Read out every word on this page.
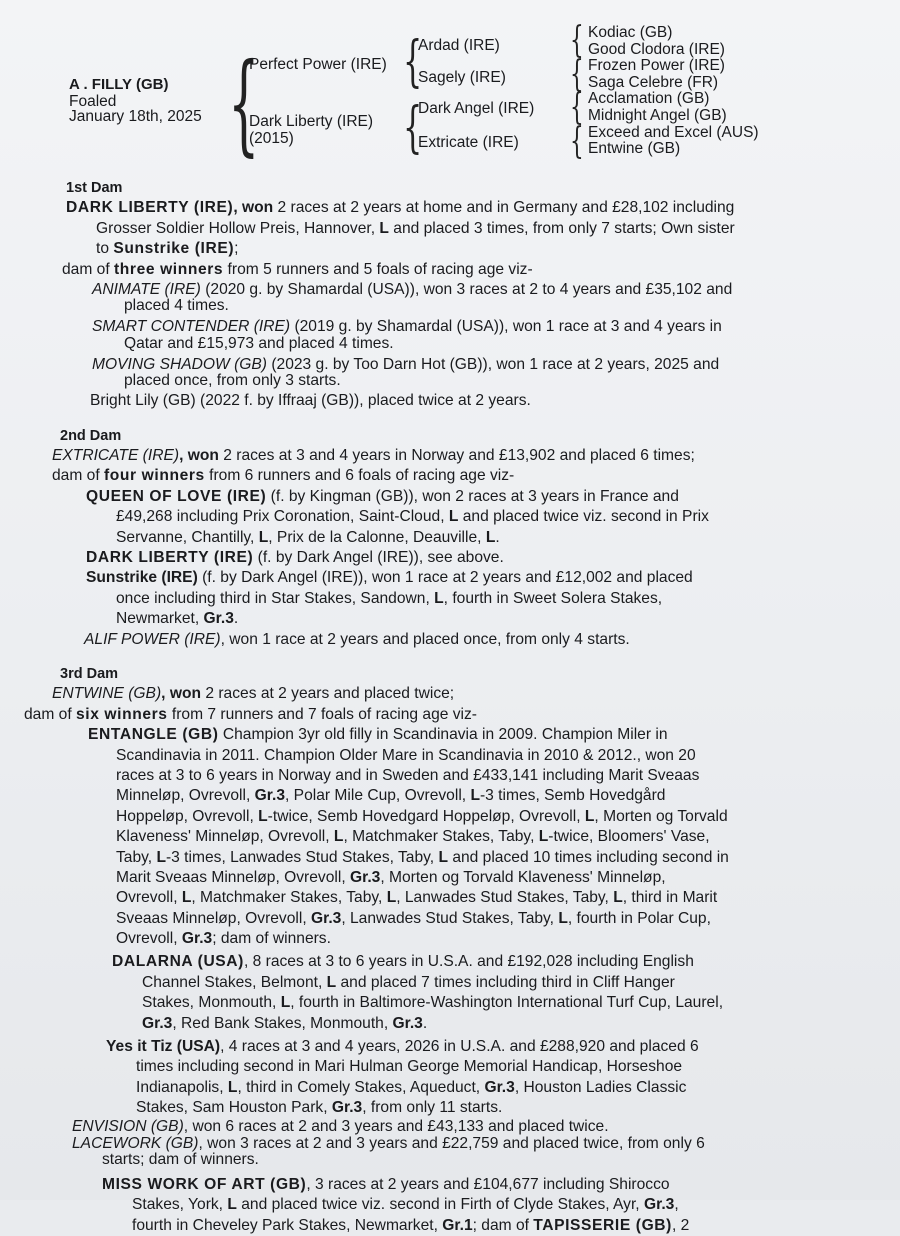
A . FILLY (GB)
Foaled
January 18th, 2025 {
Perfect Power (IRE)
Dark Liberty (IRE)
(2015)
{
{
Ardad (IRE)
Sagely (IRE)
Dark Angel (IRE)
Extricate (IRE)
{
{
{
{
Kodiac (GB)
Good Clodora (IRE)
Frozen Power (IRE)
Saga Celebre (FR)
Acclamation (GB)
Midnight Angel (GB)
Exceed and Excel (AUS)
Entwine (GB)
1st Dam
DARK LIBERTY (IRE), won 2 races at 2 years at home and in Germany and £28,102 including
Grosser Soldier Hollow Preis, Hannover, L and placed 3 times, from only 7 starts; Own sister
to Sunstrike (IRE);
dam of three winners from 5 runners and 5 foals of racing age viz-
ANIMATE (IRE) (2020 g. by Shamardal (USA)), won 3 races at 2 to 4 years and £35,102 and
placed 4 times.
SMART CONTENDER (IRE) (2019 g. by Shamardal (USA)), won 1 race at 3 and 4 years in
Qatar and £15,973 and placed 4 times.
MOVING SHADOW (GB) (2023 g. by Too Darn Hot (GB)), won 1 race at 2 years, 2025 and
placed once, from only 3 starts.
Bright Lily (GB) (2022 f. by Iffraaj (GB)), placed twice at 2 years.
2nd Dam
EXTRICATE (IRE), won 2 races at 3 and 4 years in Norway and £13,902 and placed 6 times;
dam of four winners from 6 runners and 6 foals of racing age viz-
QUEEN OF LOVE (IRE) (f. by Kingman (GB)), won 2 races at 3 years in France and
£49,268 including Prix Coronation, Saint-Cloud, L and placed twice viz. second in Prix
Servanne, Chantilly, L, Prix de la Calonne, Deauville, L.
DARK LIBERTY (IRE) (f. by Dark Angel (IRE)), see above.
Sunstrike (IRE) (f. by Dark Angel (IRE)), won 1 race at 2 years and £12,002 and placed
once including third in Star Stakes, Sandown, L, fourth in Sweet Solera Stakes,
Newmarket, Gr.3.
ALIF POWER (IRE), won 1 race at 2 years and placed once, from only 4 starts.
3rd Dam
ENTWINE (GB), won 2 races at 2 years and placed twice;
dam of six winners from 7 runners and 7 foals of racing age viz-
ENTANGLE (GB) Champion 3yr old filly in Scandinavia in 2009. Champion Miler in
Scandinavia in 2011. Champion Older Mare in Scandinavia in 2010 & 2012., won 20
races at 3 to 6 years in Norway and in Sweden and £433,141 including Marit Sveaas
Minneløp, Ovrevoll, Gr.3, Polar Mile Cup, Ovrevoll, L-3 times, Semb Hovedgård
Hoppeløp, Ovrevoll, L-twice, Semb Hovedgard Hoppeløp, Ovrevoll, L, Morten og Torvald
Klaveness' Minneløp, Ovrevoll, L, Matchmaker Stakes, Taby, L-twice, Bloomers' Vase,
Taby, L-3 times, Lanwades Stud Stakes, Taby, L and placed 10 times including second in
Marit Sveaas Minneløp, Ovrevoll, Gr.3, Morten og Torvald Klaveness' Minneløp,
Ovrevoll, L, Matchmaker Stakes, Taby, L, Lanwades Stud Stakes, Taby, L, third in Marit
Sveaas Minneløp, Ovrevoll, Gr.3, Lanwades Stud Stakes, Taby, L, fourth in Polar Cup,
Ovrevoll, Gr.3; dam of winners.
DALARNA (USA), 8 races at 3 to 6 years in U.S.A. and £192,028 including English
Channel Stakes, Belmont, L and placed 7 times including third in Cliff Hanger
Stakes, Monmouth, L, fourth in Baltimore-Washington International Turf Cup, Laurel,
Gr.3, Red Bank Stakes, Monmouth, Gr.3.
Yes it Tiz (USA), 4 races at 3 and 4 years, 2026 in U.S.A. and £288,920 and placed 6
times including second in Mari Hulman George Memorial Handicap, Horseshoe
Indianapolis, L, third in Comely Stakes, Aqueduct, Gr.3, Houston Ladies Classic
Stakes, Sam Houston Park, Gr.3, from only 11 starts.
ENVISION (GB), won 6 races at 2 and 3 years and £43,133 and placed twice.
LACEWORK (GB), won 3 races at 2 and 3 years and £22,759 and placed twice, from only 6
starts; dam of winners.
MISS WORK OF ART (GB), 3 races at 2 years and £104,677 including Shirocco
Stakes, York, L and placed twice viz. second in Firth of Clyde Stakes, Ayr, Gr.3,
fourth in Cheveley Park Stakes, Newmarket, Gr.1; dam of TAPISSERIE (GB), 2
